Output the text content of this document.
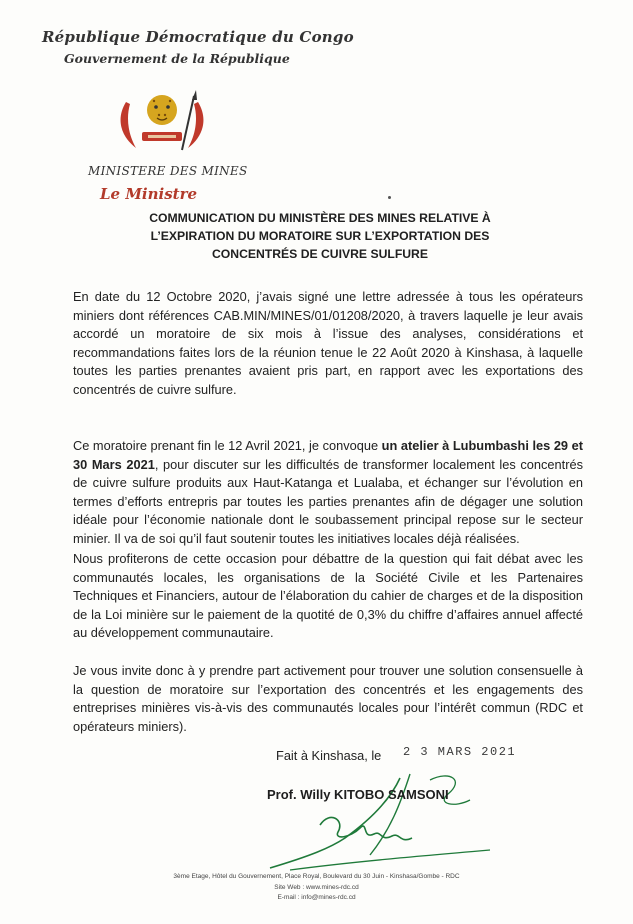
République Démocratique du Congo
Gouvernement de la République
MINISTERE DES MINES
Le Ministre
COMMUNICATION DU MINISTÈRE DES MINES RELATIVE À
L’EXPIRATION DU MORATOIRE SUR L’EXPORTATION DES
CONCENTRÉS DE CUIVRE SULFURE
En date du 12 Octobre 2020, j’avais signé une lettre adressée à tous les opérateurs miniers dont références CAB.MIN/MINES/01/01208/2020, à travers laquelle je leur avais accordé un moratoire de six mois à l’issue des analyses, considérations et recommandations faites lors de la réunion tenue le 22 Août 2020 à Kinshasa, à laquelle toutes les parties prenantes avaient pris part, en rapport avec les exportations des concentrés de cuivre sulfure.
Ce moratoire prenant fin le 12 Avril 2021, je convoque un atelier à Lubumbashi les 29 et 30 Mars 2021, pour discuter sur les difficultés de transformer localement les concentrés de cuivre sulfure produits aux Haut-Katanga et Lualaba, et échanger sur l’évolution en termes d’efforts entrepris par toutes les parties prenantes afin de dégager une solution idéale pour l’économie nationale dont le soubassement principal repose sur le secteur minier. Il va de soi qu’il faut soutenir toutes les initiatives locales déjà réalisées.
Nous profiterons de cette occasion pour débattre de la question qui fait débat avec les communautés locales, les organisations de la Société Civile et les Partenaires Techniques et Financiers, autour de l’élaboration du cahier de charges et de la disposition de la Loi minière sur le paiement de la quotité de 0,3% du chiffre d’affaires annuel affecté au développement communautaire.
Je vous invite donc à y prendre part activement pour trouver une solution consensuelle à la question de moratoire sur l’exportation des concentrés et les engagements des entreprises minières vis-à-vis des communautés locales pour l’intérêt commun (RDC et opérateurs miniers).
Fait à Kinshasa, le 2 3 MARS 2021
Prof. Willy KITOBO SAMSONI
3ème Etage, Hôtel du Gouvernement, Place Royal, Boulevard du 30 Juin - Kinshasa/Gombe - RDC
Site Web : www.mines-rdc.cd
E-mail : info@mines-rdc.cd
